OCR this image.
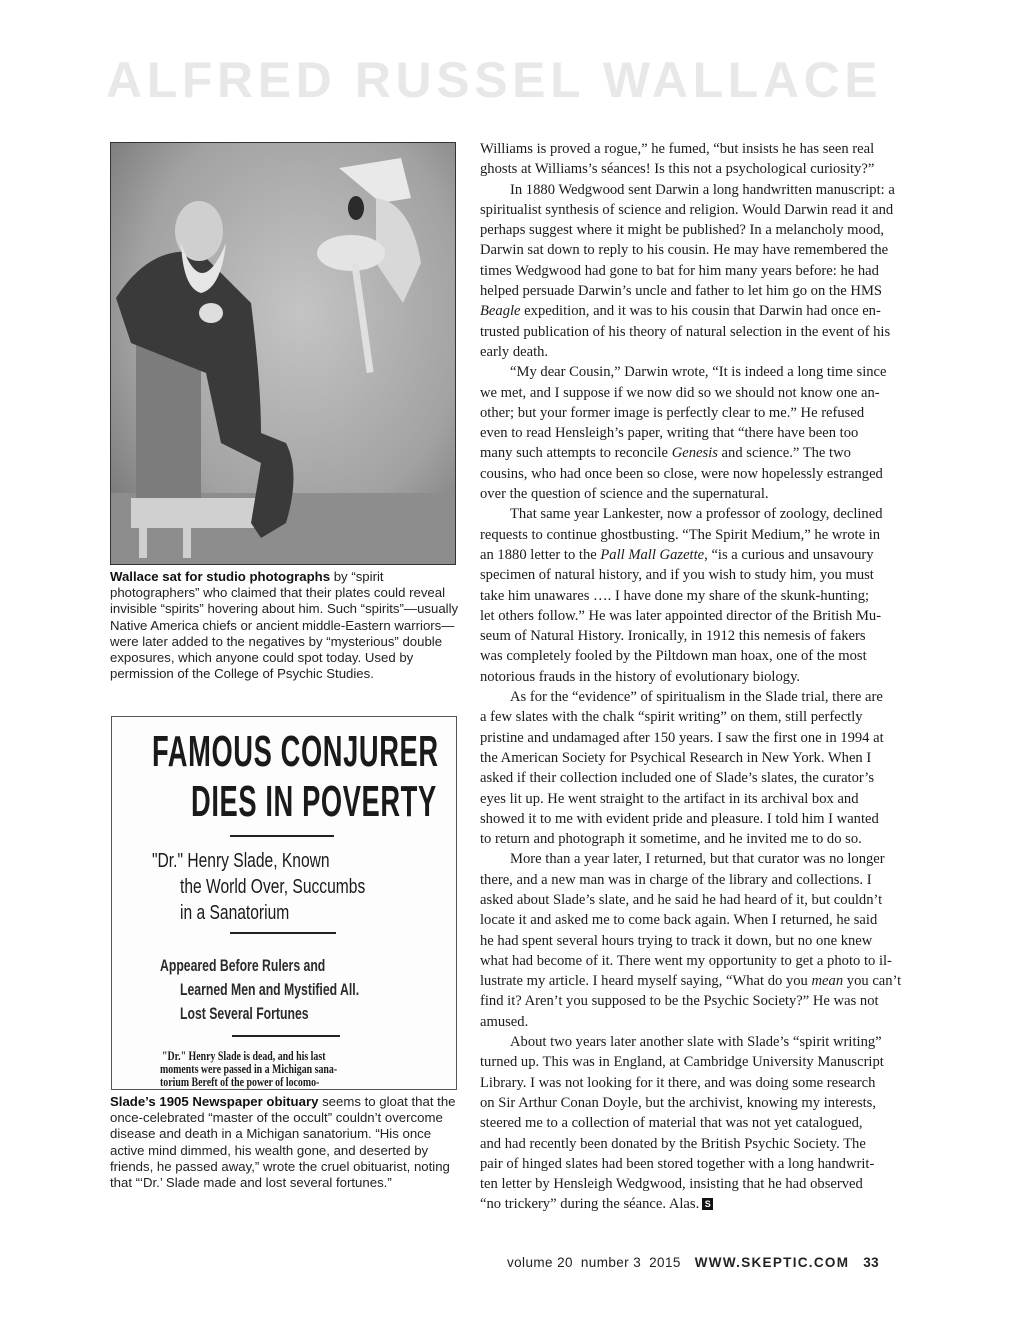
ALFRED RUSSEL WALLACE
Wallace sat for studio photographs by “spirit photographers” who claimed that their plates could reveal invisible “spirits” hovering about him. Such “spirits”—usually Native America chiefs or ancient middle-Eastern warriors—were later added to the negatives by “mysterious” double exposures, which anyone could spot today. Used by permission of the College of Psychic Studies.
FAMOUS CONJURER
DIES IN POVERTY
"Dr." Henry Slade, Known
the World Over, Succumbs
in a Sanatorium
Appeared Before Rulers and
Learned Men and Mystified All.
Lost Several Fortunes
"Dr." Henry Slade is dead, and his last
moments were passed in a Michigan sana-
torium Bereft of the power of locomo-
Slade’s 1905 Newspaper obituary seems to gloat that the once-celebrated “master of the occult” couldn’t overcome disease and death in a Michigan sanatorium. “His once active mind dimmed, his wealth gone, and deserted by friends, he passed away,” wrote the cruel obituarist, noting that “‘Dr.’ Slade made and lost several fortunes.”

Williams is proved a rogue,” he fumed, “but insists he has seen real
ghosts at Williams’s séances! Is this not a psychological curiosity?”

In 1880 Wedgwood sent Darwin a long handwritten manuscript: a
spiritualist synthesis of science and religion. Would Darwin read it and
perhaps suggest where it might be published? In a melancholy mood,
Darwin sat down to reply to his cousin. He may have remembered the
times Wedgwood had gone to bat for him many years before: he had
helped persuade Darwin’s uncle and father to let him go on the HMS
Beagle expedition, and it was to his cousin that Darwin had once en-
trusted publication of his theory of natural selection in the event of his
early death.

“My dear Cousin,” Darwin wrote, “It is indeed a long time since
we met, and I suppose if we now did so we should not know one an-
other; but your former image is perfectly clear to me.” He refused
even to read Hensleigh’s paper, writing that “there have been too
many such attempts to reconcile Genesis and science.” The two
cousins, who had once been so close, were now hopelessly estranged
over the question of science and the supernatural.

That same year Lankester, now a professor of zoology, declined
requests to continue ghostbusting. “The Spirit Medium,” he wrote in
an 1880 letter to the Pall Mall Gazette, “is a curious and unsavoury
specimen of natural history, and if you wish to study him, you must
take him unawares …. I have done my share of the skunk-hunting;
let others follow.” He was later appointed director of the British Mu-
seum of Natural History. Ironically, in 1912 this nemesis of fakers
was completely fooled by the Piltdown man hoax, one of the most
notorious frauds in the history of evolutionary biology.

As for the “evidence” of spiritualism in the Slade trial, there are
a few slates with the chalk “spirit writing” on them, still perfectly
pristine and undamaged after 150 years. I saw the first one in 1994 at
the American Society for Psychical Research in New York. When I
asked if their collection included one of Slade’s slates, the curator’s
eyes lit up. He went straight to the artifact in its archival box and
showed it to me with evident pride and pleasure. I told him I wanted
to return and photograph it sometime, and he invited me to do so.

More than a year later, I returned, but that curator was no longer
there, and a new man was in charge of the library and collections. I
asked about Slade’s slate, and he said he had heard of it, but couldn’t
locate it and asked me to come back again. When I returned, he said
he had spent several hours trying to track it down, but no one knew
what had become of it. There went my opportunity to get a photo to il-
lustrate my article. I heard myself saying, “What do you mean you can’t
find it? Aren’t you supposed to be the Psychic Society?” He was not
amused.

About two years later another slate with Slade’s “spirit writing”
turned up. This was in England, at Cambridge University Manuscript
Library. I was not looking for it there, and was doing some research
on Sir Arthur Conan Doyle, but the archivist, knowing my interests,
steered me to a collection of material that was not yet catalogued,
and had recently been donated by the British Psychic Society. The
pair of hinged slates had been stored together with a long handwrit-
ten letter by Hensleigh Wedgwood, insisting that he had observed
“no trickery” during the séance. Alas. S

volume 20 number 3 2015 WWW.SKEPTIC.COM 33
